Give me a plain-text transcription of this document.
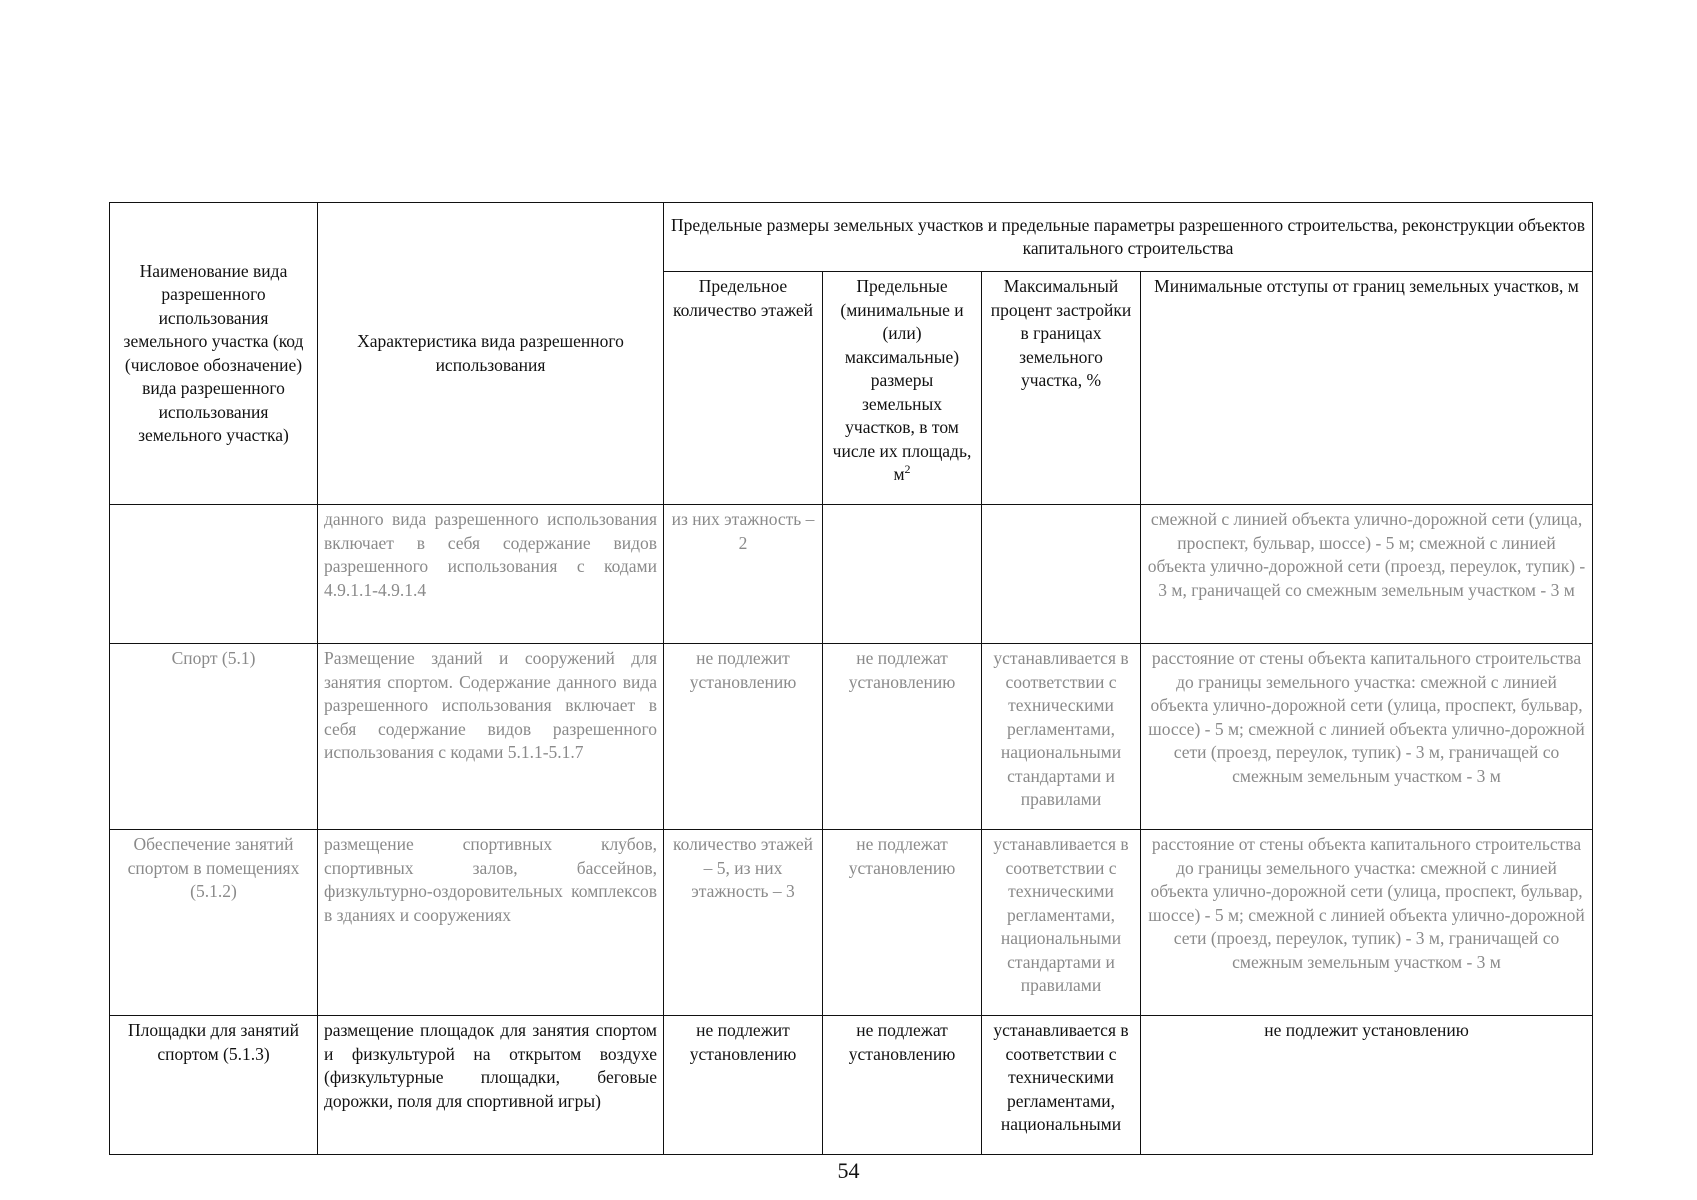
Наименование вида разрешенного использования земельного участка (код (числовое обозначение) вида разрешенного использования земельного участка)	Характеристика вида разрешенного использования	Предельные размеры земельных участков и предельные параметры разрешенного строительства, реконструкции объектов капитального строительства			
		Предельное количество этажей	Предельные (минимальные и (или) максимальные) размеры земельных участков, в том числе их площадь, $м^2$	Максимальный процент застройки в границах земельного участка, %	Минимальные отступы от границ земельных участков, м
	данного вида разрешенного использования включает в себя содержание видов разрешенного использования с кодами 4.9.1.1-4.9.1.4	из них этажность – 2			смежной с линией объекта улично-дорожной сети (улица, проспект, бульвар, шоссе) - 5 м; смежной с линией объекта улично-дорожной сети (проезд, переулок, тупик) - 3 м, граничащей со смежным земельным участком - 3 м
Спорт (5.1)	Размещение зданий и сооружений для занятия спортом. Содержание данного вида разрешенного использования включает в себя содержание видов разрешенного использования с кодами 5.1.1-5.1.7	не подлежит установлению	не подлежат установлению	устанавливается в соответствии с техническими регламентами, национальными стандартами и правилами	расстояние от стены объекта капитального строительства до границы земельного участка: смежной с линией объекта улично-дорожной сети (улица, проспект, бульвар, шоссе) - 5 м; смежной с линией объекта улично-дорожной сети (проезд, переулок, тупик) - 3 м, граничащей со смежным земельным участком - 3 м
Обеспечение занятий спортом в помещениях (5.1.2)	размещение спортивных клубов, спортивных залов, бассейнов, физкультурно-оздоровительных комплексов в зданиях и сооружениях	количество этажей – 5, из них этажность – 3	не подлежат установлению	устанавливается в соответствии с техническими регламентами, национальными стандартами и правилами	расстояние от стены объекта капитального строительства до границы земельного участка: смежной с линией объекта улично-дорожной сети (улица, проспект, бульвар, шоссе) - 5 м; смежной с линией объекта улично-дорожной сети (проезд, переулок, тупик) - 3 м, граничащей со смежным земельным участком - 3 м
Площадки для занятий спортом (5.1.3)	размещение площадок для занятия спортом и физкультурой на открытом воздухе (физкультурные площадки, беговые дорожки, поля для спортивной игры)	не подлежит установлению	не подлежат установлению	устанавливается в соответствии с техническими регламентами, национальными	не подлежит установлению
54
